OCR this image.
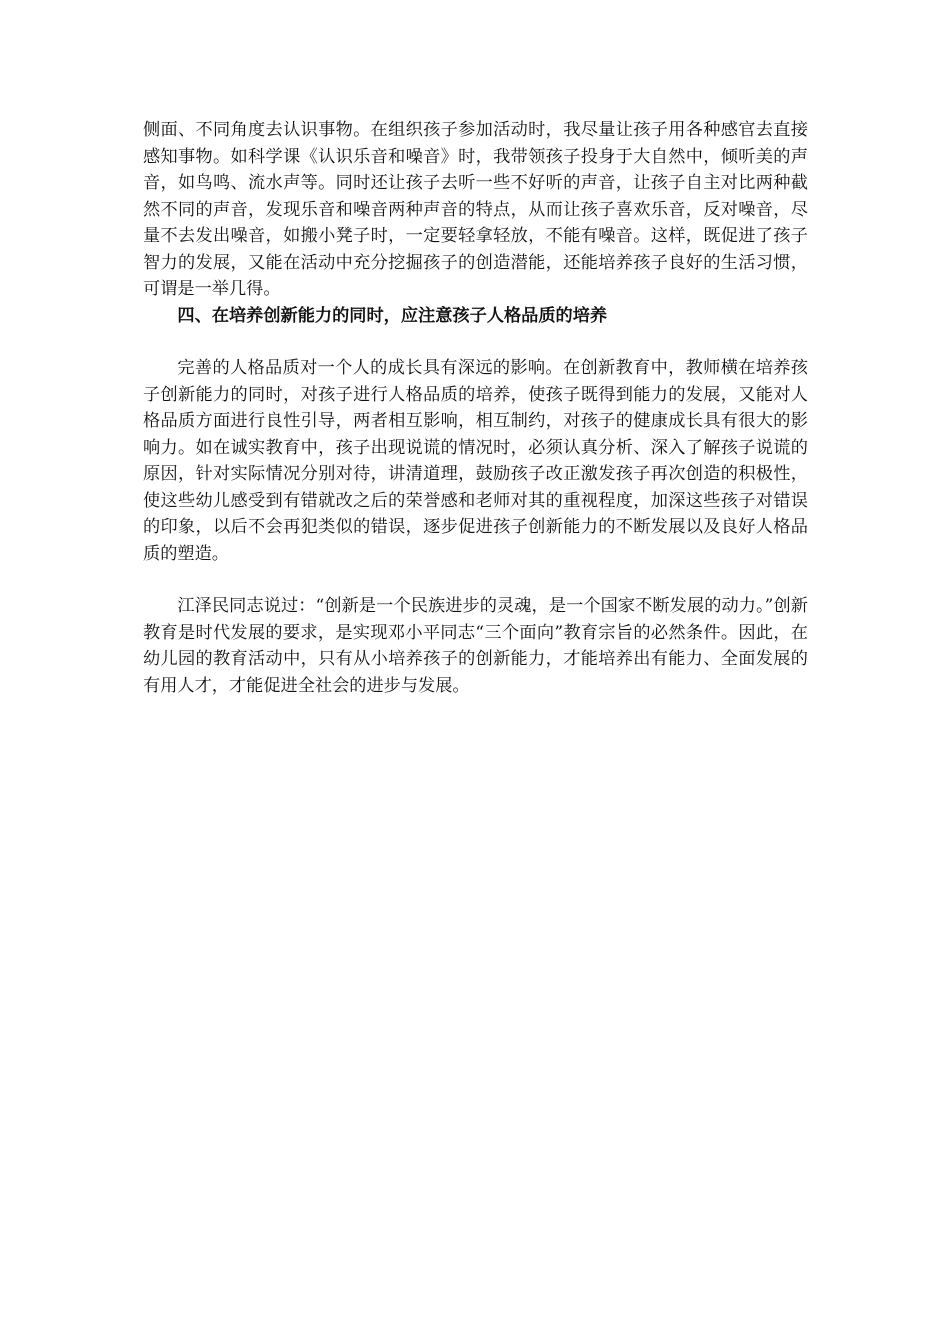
侧面、不同角度去认识事物。在组织孩子参加活动时，我尽量让孩子用各种感官去直接感知事物。如科学课《认识乐音和噪音》时，我带领孩子投身于大自然中，倾听美的声音，如鸟鸣、流水声等。同时还让孩子去听一些不好听的声音，让孩子自主对比两种截然不同的声音，发现乐音和噪音两种声音的特点，从而让孩子喜欢乐音，反对噪音，尽量不去发出噪音，如搬小凳子时，一定要轻拿轻放，不能有噪音。这样，既促进了孩子智力的发展，又能在活动中充分挖掘孩子的创造潜能，还能培养孩子良好的生活习惯，可谓是一举几得。

四、在培养创新能力的同时，应注意孩子人格品质的培养

完善的人格品质对一个人的成长具有深远的影响。在创新教育中，教师横在培养孩子创新能力的同时，对孩子进行人格品质的培养，使孩子既得到能力的发展，又能对人格品质方面进行良性引导，两者相互影响，相互制约，对孩子的健康成长具有很大的影响力。如在诚实教育中，孩子出现说谎的情况时，必须认真分析、深入了解孩子说谎的原因，针对实际情况分别对待，讲清道理，鼓励孩子改正激发孩子再次创造的积极性，使这些幼儿感受到有错就改之后的荣誉感和老师对其的重视程度，加深这些孩子对错误的印象，以后不会再犯类似的错误，逐步促进孩子创新能力的不断发展以及良好人格品质的塑造。

江泽民同志说过：“创新是一个民族进步的灵魂，是一个国家不断发展的动力。”创新教育是时代发展的要求，是实现邓小平同志“三个面向”教育宗旨的必然条件。因此，在幼儿园的教育活动中，只有从小培养孩子的创新能力，才能培养出有能力、全面发展的有用人才，才能促进全社会的进步与发展。
